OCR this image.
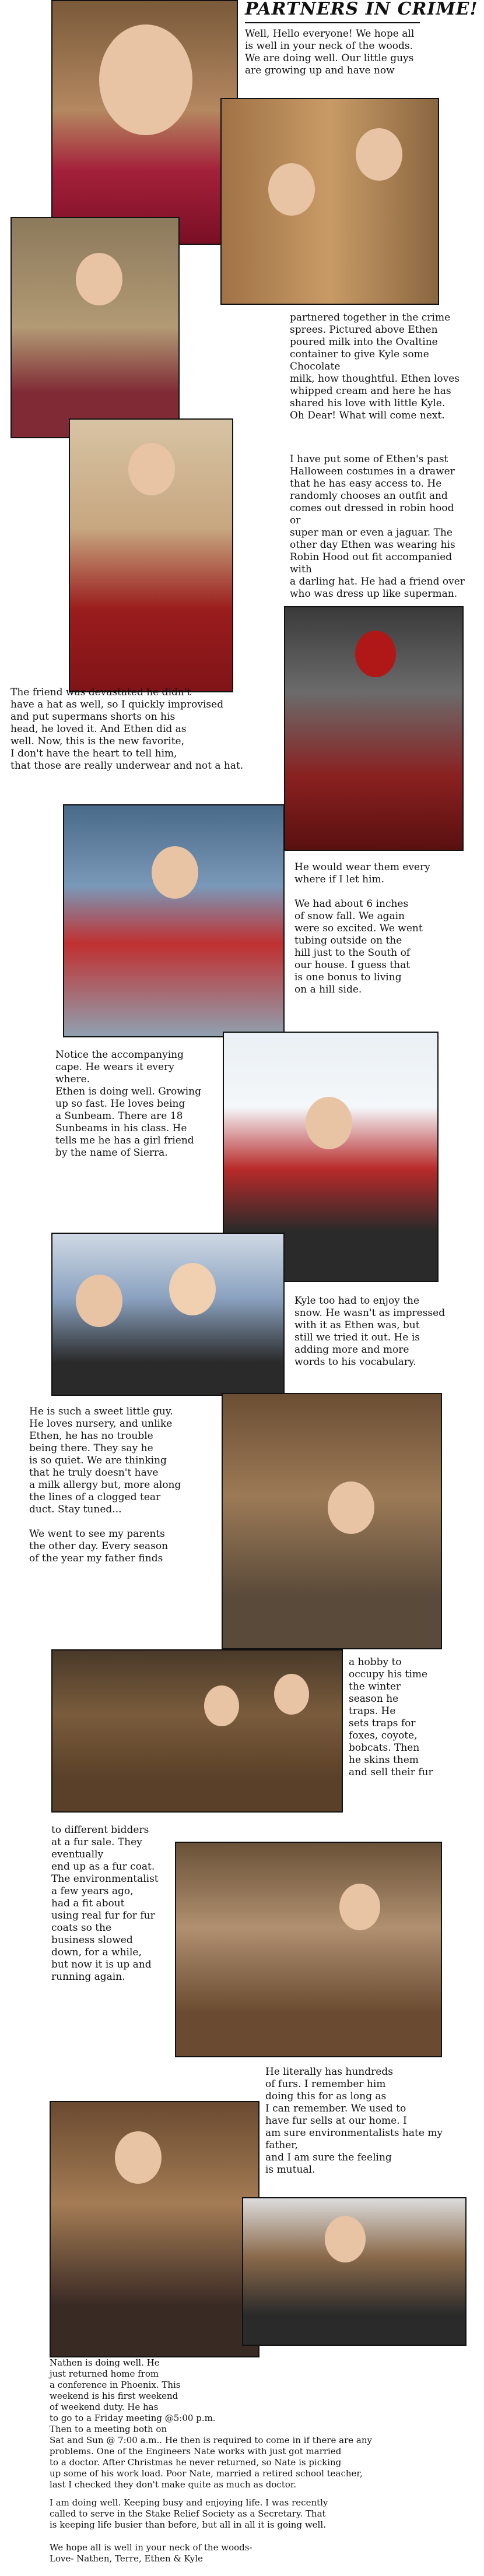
PARTNERS IN CRIME!
Well, Hello everyone! We hope all
is well in your neck of the woods.
We are doing well. Our little guys
are growing up and have now
partnered together in the crime
sprees. Pictured above Ethen
poured milk into the Ovaltine
container to give Kyle some Chocolate
milk, how thoughtful. Ethen loves
whipped cream and here he has
shared his love with little Kyle.
Oh Dear! What will come next.
I have put some of Ethen's past
Halloween costumes in a drawer
that he has easy access to. He
randomly chooses an outfit and
comes out dressed in robin hood or
super man or even a jaguar. The
other day Ethen was wearing his
Robin Hood out fit accompanied with
a darling hat. He had a friend over
who was dress up like superman.
The friend was devastated he didn't
have a hat as well, so I quickly improvised
and put supermans shorts on his
head, he loved it. And Ethen did as
well. Now, this is the new favorite,
I don't have the heart to tell him,
that those are really underwear and not a hat.
He would wear them every
where if I let him.

We had about 6 inches
of snow fall. We again
were so excited. We went
tubing outside on the
hill just to the South of
our house. I guess that
is one bonus to living
on a hill side.
Notice the accompanying
cape. He wears it every
where.
Ethen is doing well. Growing
up so fast. He loves being
a Sunbeam. There are 18
Sunbeams in his class. He
tells me he has a girl friend
by the name of Sierra.
Kyle too had to enjoy the
snow. He wasn't as impressed
with it as Ethen was, but
still we tried it out. He is
adding more and more
words to his vocabulary.
He is such a sweet little guy.
He loves nursery, and unlike
Ethen, he has no trouble
being there. They say he
is so quiet. We are thinking
that he truly doesn't have
a milk allergy but, more along
the lines of a clogged tear
duct. Stay tuned...

We went to see my parents
the other day. Every season
of the year my father finds
a hobby to
occupy his time
the winter
season he
traps. He
sets traps for
foxes, coyote,
bobcats. Then
he skins them
and sell their fur
to different bidders
at a fur sale. They
eventually
end up as a fur coat.
The environmentalist
a few years ago,
had a fit about
using real fur for fur
coats so the
business slowed
down, for a while,
but now it is up and
running again.
He literally has hundreds
of furs. I remember him
doing this for as long as
I can remember. We used to
have fur sells at our home. I
am sure environmentalists hate my
father,
and I am sure the feeling
is mutual.
Nathen is doing well. He
just returned home from
a conference in Phoenix. This
weekend is his first weekend
of weekend duty. He has
to go to a Friday meeting @5:00 p.m.
Then to a meeting both on
Sat and Sun @ 7:00 a.m.. He then is required to come in if there are any
problems. One of the Engineers Nate works with just got married
to a doctor. After Christmas he never returned, so Nate is picking
up some of his work load. Poor Nate, married a retired school teacher,
last I checked they don't make quite as much as doctor.
I am doing well. Keeping busy and enjoying life. I was recently
called to serve in the Stake Relief Society as a Secretary. That
is keeping life busier than before, but all in all it is going well.
We hope all is well in your neck of the woods-
Love- Nathen, Terre, Ethen & Kyle
